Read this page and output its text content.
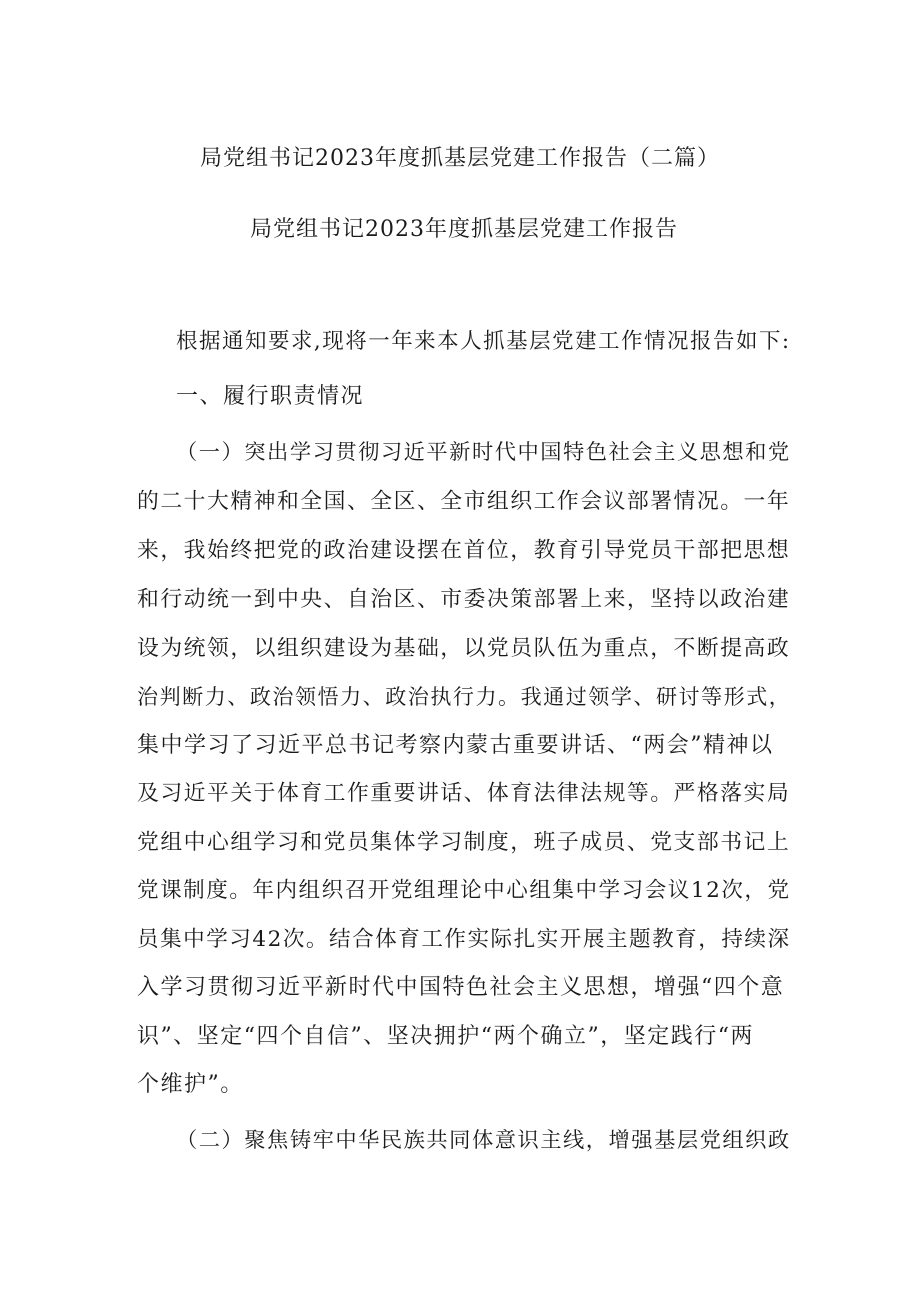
局党组书记2023年度抓基层党建工作报告（二篇）
局党组书记2023年度抓基层党建工作报告
根据通知要求,现将一年来本人抓基层党建工作情况报告如下:
一、履行职责情况
（一）突出学习贯彻习近平新时代中国特色社会主义思想和党
的二十大精神和全国、全区、全市组织工作会议部署情况。一年
来，我始终把党的政治建设摆在首位，教育引导党员干部把思想
和行动统一到中央、自治区、市委决策部署上来，坚持以政治建
设为统领，以组织建设为基础，以党员队伍为重点，不断提高政
治判断力、政治领悟力、政治执行力。我通过领学、研讨等形式，
集中学习了习近平总书记考察内蒙古重要讲话、“两会”精神以
及习近平关于体育工作重要讲话、体育法律法规等。严格落实局
党组中心组学习和党员集体学习制度，班子成员、党支部书记上
党课制度。年内组织召开党组理论中心组集中学习会议12次，党
员集中学习42次。结合体育工作实际扎实开展主题教育，持续深
入学习贯彻习近平新时代中国特色社会主义思想，增强“四个意
识”、坚定“四个自信”、坚决拥护“两个确立”，坚定践行“两
个维护”。
（二）聚焦铸牢中华民族共同体意识主线，增强基层党组织政
